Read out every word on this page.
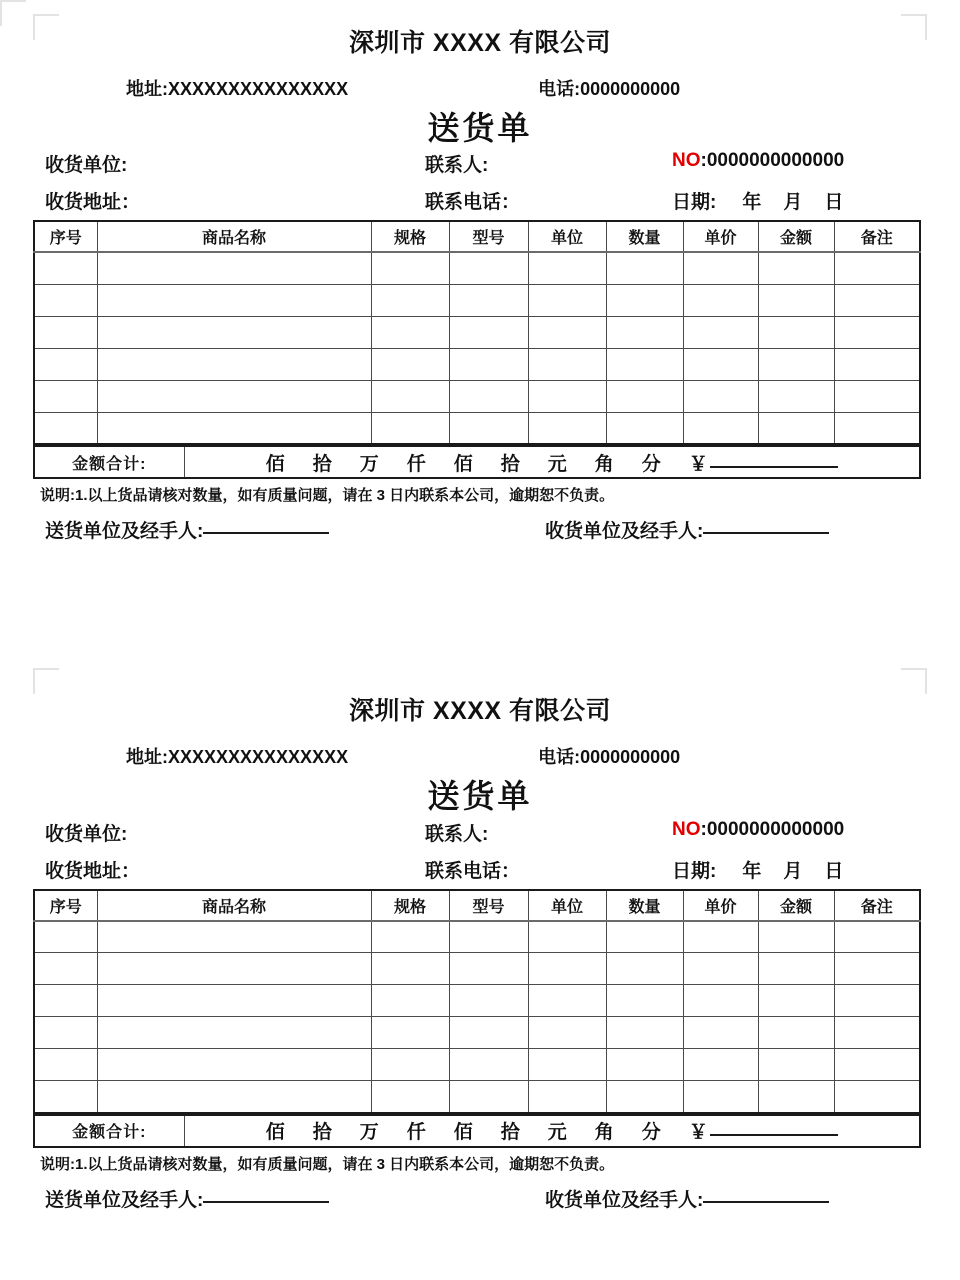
深圳市 XXXX 有限公司
地址:XXXXXXXXXXXXXXX	电话:0000000000
送货单
收货单位:	联系人:	NO:0000000000000
收货地址：	联系电话：	日期: 年 月 日
序号	商品名称	规格	型号	单位	数量	单价	金额	备注

金额合计:	佰 拾 万 仟 佰 拾 元 角 分 ￥
说明:1.以上货品请核对数量，如有质量问题，请在 3 日内联系本公司，逾期恕不负责。
送货单位及经手人:	收货单位及经手人:
深圳市 XXXX 有限公司
地址:XXXXXXXXXXXXXXX	电话:0000000000
送货单
收货单位:	联系人:	NO:0000000000000
收货地址：	联系电话：	日期: 年 月 日
序号	商品名称	规格	型号	单位	数量	单价	金额	备注

金额合计:	佰 拾 万 仟 佰 拾 元 角 分 ￥
说明:1.以上货品请核对数量，如有质量问题，请在 3 日内联系本公司，逾期恕不负责。
送货单位及经手人:	收货单位及经手人:
